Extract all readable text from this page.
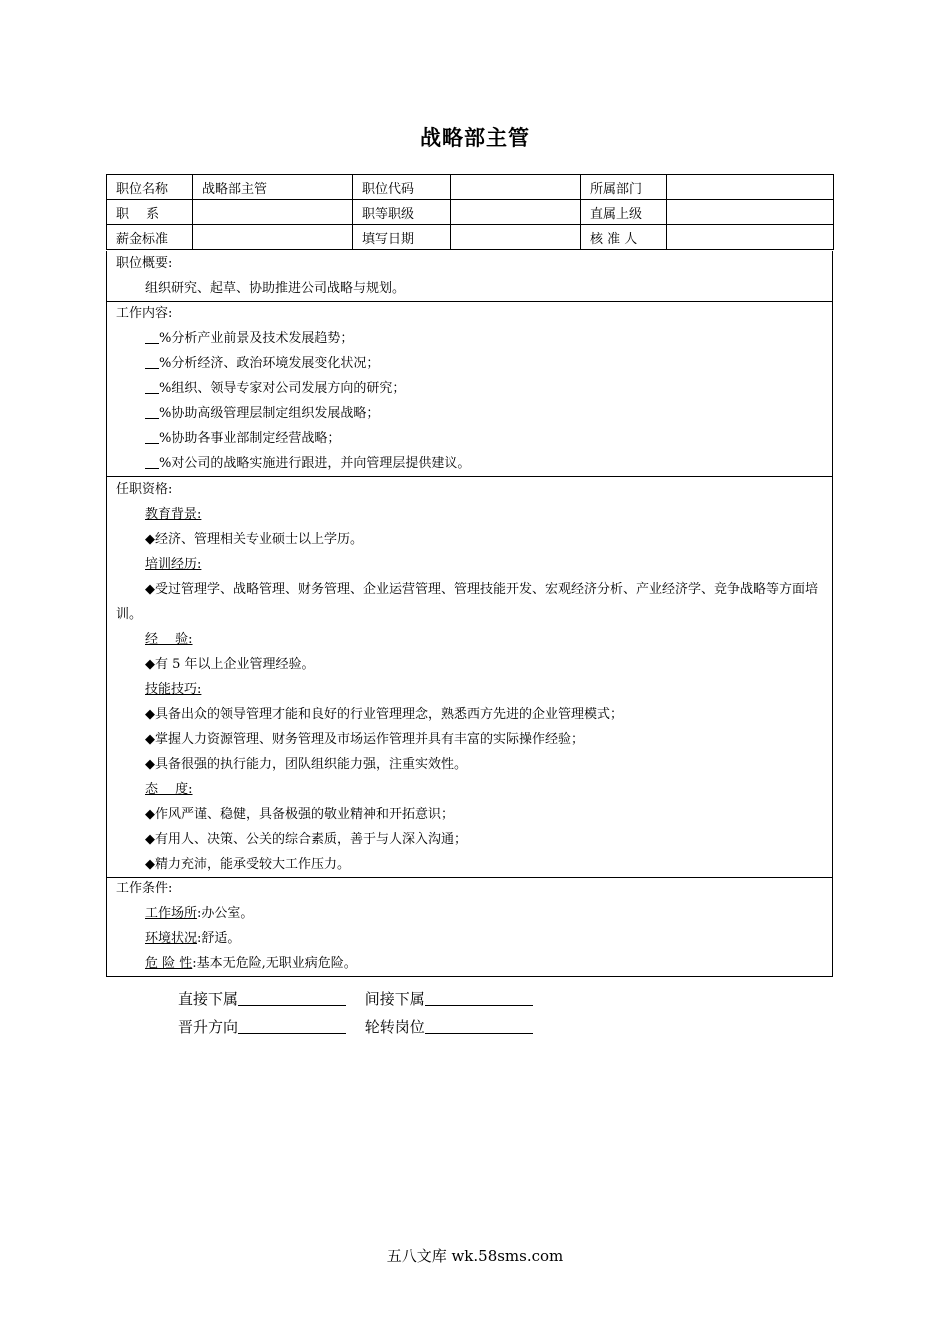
战略部主管
职位名称	战略部主管	职位代码		所属部门	
职　 系		职等职级		直属上级	
薪金标准		填写日期		核 准 人	
职位概要:
组织研究、起草、协助推进公司战略与规划。
工作内容:
%分析产业前景及技术发展趋势；
%分析经济、政治环境发展变化状况；
%组织、领导专家对公司发展方向的研究；
%协助高级管理层制定组织发展战略；
%协助各事业部制定经营战略；
%对公司的战略实施进行跟进，并向管理层提供建议。
任职资格:
教育背景:
◆经济、管理相关专业硕士以上学历。
培训经历:
◆受过管理学、战略管理、财务管理、企业运营管理、管理技能开发、宏观经济分析、产业经济学、竞争战略等方面培训。
经　 验:
◆有 5 年以上企业管理经验。
技能技巧:
◆具备出众的领导管理才能和良好的行业管理理念，熟悉西方先进的企业管理模式；
◆掌握人力资源管理、财务管理及市场运作管理并具有丰富的实际操作经验；
◆具备很强的执行能力，团队组织能力强，注重实效性。
态　 度:
◆作风严谨、稳健，具备极强的敬业精神和开拓意识；
◆有用人、决策、公关的综合素质，善于与人深入沟通；
◆精力充沛，能承受较大工作压力。
工作条件:
工作场所:办公室。
环境状况:舒适。
危 险 性:基本无危险,无职业病危险。
直接下属	间接下属
晋升方向	轮转岗位
五八文库 wk.58sms.com
